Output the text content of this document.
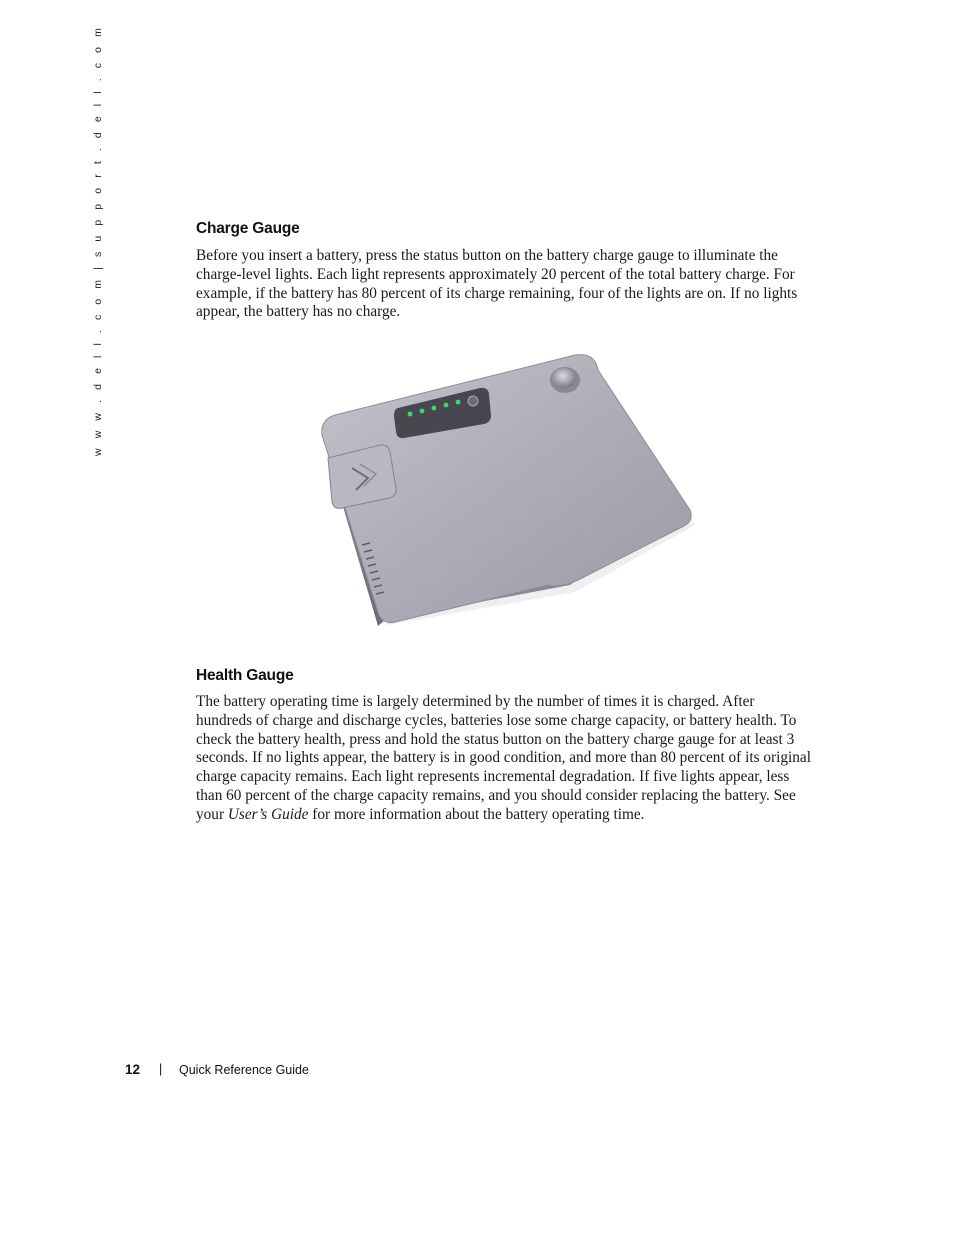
w w w . d e l l . c o m | s u p p o r t . d e l l . c o m	Charge Gauge

Before you insert a battery, press the status button on the battery charge gauge to illuminate the charge-level lights. Each light represents approximately 20 percent of the total battery charge. For example, if the battery has 80 percent of its charge remaining, four of the lights are on. If no lights appear, the battery has no charge.

Health Gauge

The battery operating time is largely determined by the number of times it is charged. After hundreds of charge and discharge cycles, batteries lose some charge capacity, or battery health. To check the battery health, press and hold the status button on the battery charge gauge for at least 3 seconds. If no lights appear, the battery is in good condition, and more than 80 percent of its original charge capacity remains. Each light represents incremental degradation. If five lights appear, less than 60 percent of the charge capacity remains, and you should consider replacing the battery. See your User’s Guide for more information about the battery operating time.

12 | Quick Reference Guide
